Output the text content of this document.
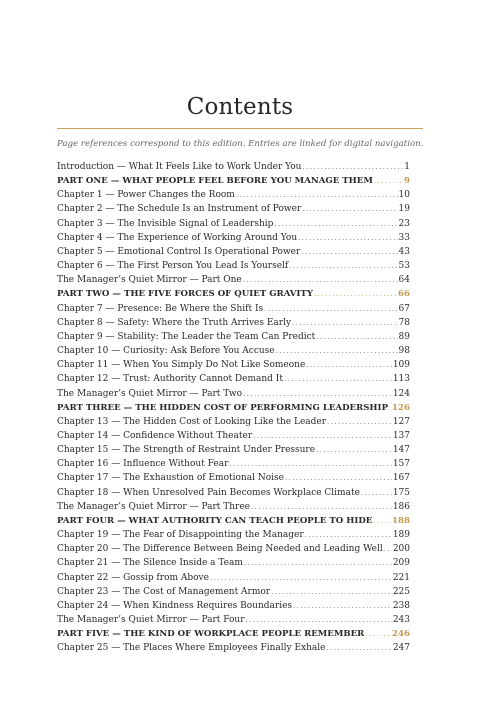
Contents
Page references correspond to this edition. Entries are linked for digital navigation.
Introduction — What It Feels Like to Work Under You . . .	1
PART ONE — WHAT PEOPLE FEEL BEFORE YOU MANAGE THEM . . .	9
Chapter 1 — Power Changes the Room . . .	10
Chapter 2 — The Schedule Is an Instrument of Power . . .	19
Chapter 3 — The Invisible Signal of Leadership . . .	23
Chapter 4 — The Experience of Working Around You . . .	33
Chapter 5 — Emotional Control Is Operational Power . . .	43
Chapter 6 — The First Person You Lead Is Yourself . . .	53
The Manager’s Quiet Mirror — Part One . . .	64
PART TWO — THE FIVE FORCES OF QUIET GRAVITY . . .	66
Chapter 7 — Presence: Be Where the Shift Is . . .	67
Chapter 8 — Safety: Where the Truth Arrives Early . . .	78
Chapter 9 — Stability: The Leader the Team Can Predict . . .	89
Chapter 10 — Curiosity: Ask Before You Accuse . . .	98
Chapter 11 — When You Simply Do Not Like Someone . . .	109
Chapter 12 — Trust: Authority Cannot Demand It . . .	113
The Manager’s Quiet Mirror — Part Two . . .	124
PART THREE — THE HIDDEN COST OF PERFORMING LEADERSHIP . . . 126
Chapter 13 — The Hidden Cost of Looking Like the Leader . . .	127
Chapter 14 — Confidence Without Theater . . .	137
Chapter 15 — The Strength of Restraint Under Pressure . . .	147
Chapter 16 — Influence Without Fear . . .	157
Chapter 17 — The Exhaustion of Emotional Noise . . .	167
Chapter 18 — When Unresolved Pain Becomes Workplace Climate . . .	175
The Manager’s Quiet Mirror — Part Three . . .	186
PART FOUR — WHAT AUTHORITY CAN TEACH PEOPLE TO HIDE . . . 188
Chapter 19 — The Fear of Disappointing the Manager . . .	189
Chapter 20 — The Difference Between Being Needed and Leading Well . . . 200
Chapter 21 — The Silence Inside a Team . . .	209
Chapter 22 — Gossip from Above . . .	221
Chapter 23 — The Cost of Management Armor . . .	225
Chapter 24 — When Kindness Requires Boundaries . . .	238
The Manager’s Quiet Mirror — Part Four . . .	243
PART FIVE — THE KIND OF WORKPLACE PEOPLE REMEMBER . . .	246
Chapter 25 — The Places Where Employees Finally Exhale . . .	247
